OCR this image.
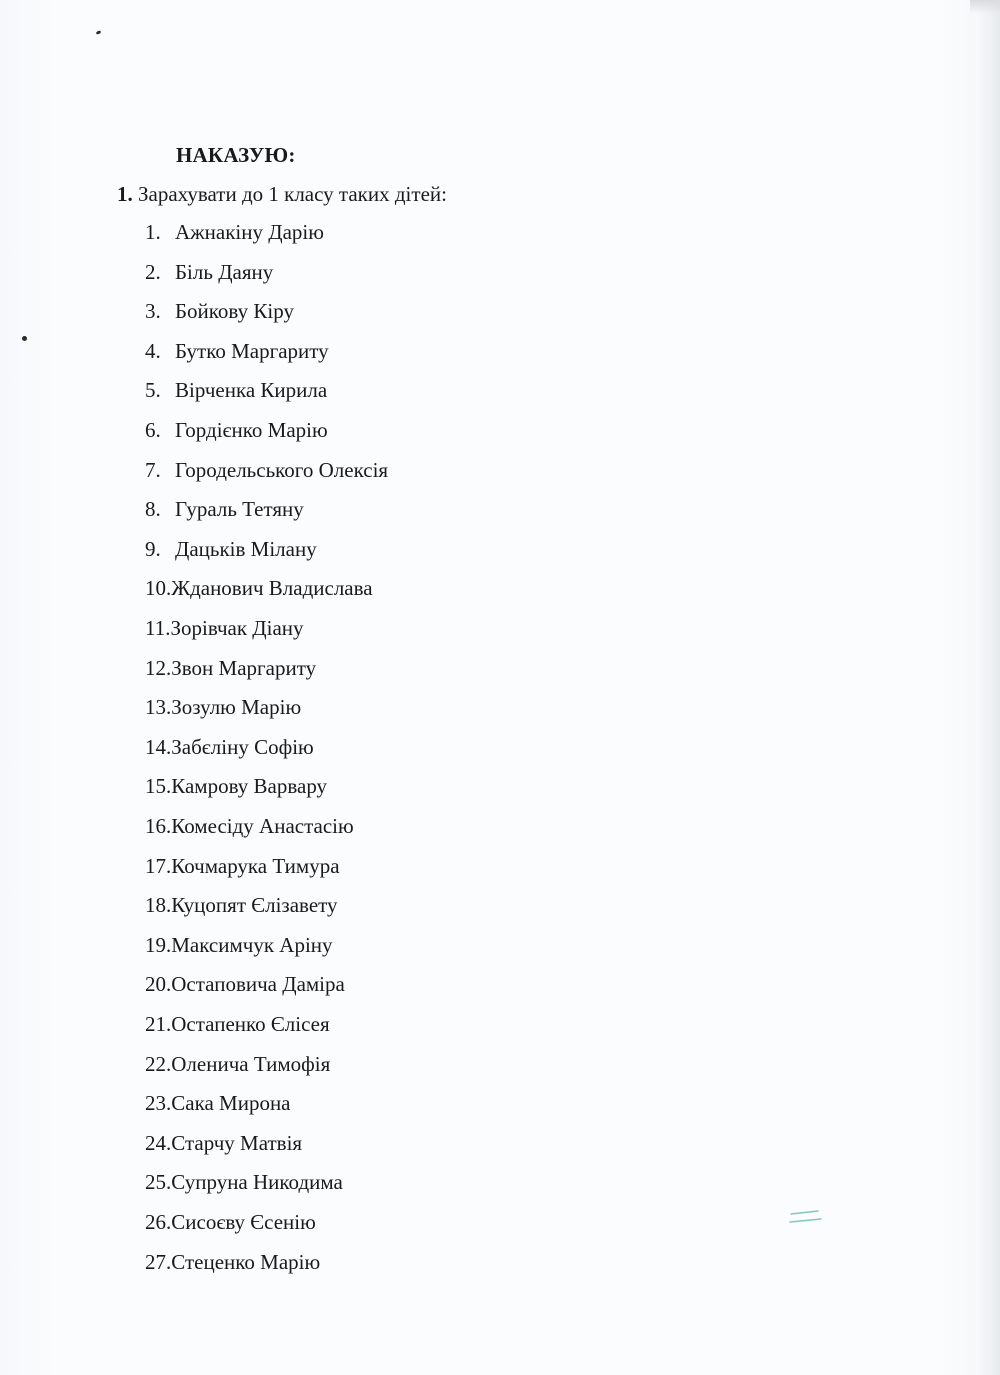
НАКАЗУЮ:
1. Зарахувати до 1 класу таких дітей:
1. Ажнакіну Дарію
2. Біль Даяну
3. Бойкову Кіру
4. Бутко Маргариту
5. Вірченка Кирила
6. Гордієнко Марію
7. Городельського Олексія
8. Гураль Тетяну
9. Дацьків Мілану
10.Жданович Владислава
11.Зорівчак Діану
12.Звон Маргариту
13.Зозулю Марію
14.Забєліну Софію
15.Камрову Варвару
16.Комесіду Анастасію
17.Кочмарука Тимура
18.Куцопят Єлізавету
19.Максимчук Аріну
20.Остаповича Даміра
21.Остапенко Єлісея
22.Оленича Тимофія
23.Сака Мирона
24.Старчу Матвія
25.Супруна Никодима
26.Сисоєву Єсенію
27.Стеценко Марію
